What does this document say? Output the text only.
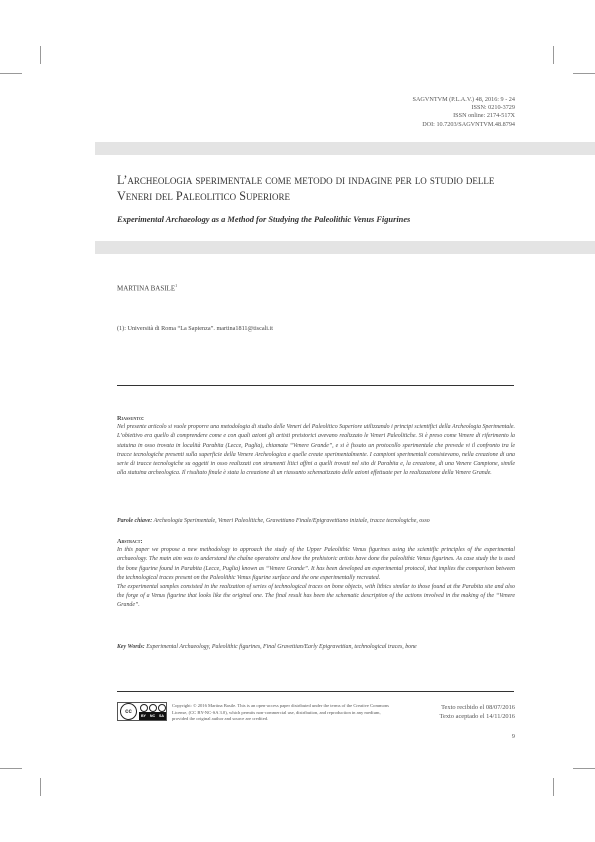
SAGVNTVM (P.L.A.V.) 48, 2016: 9 - 24
ISSN: 0210-3729
ISSN online: 2174-517X
DOI: 10.7203/SAGVNTVM.48.8794
L’archeologia sperimentale come metodo di indagine per lo studio delle Veneri del Paleolitico Superiore
Experimental Archaeology as a Method for Studying the Paleolithic Venus Figurines
MARTINA BASILE$^1$
(1): Università di Roma “La Sapienza”. martina1811@tiscali.it
Riassunto:
Nel presente articolo si vuole proporre una metodologia di studio delle Veneri del Paleolitico Superiore utilizzando i principi scientifici della Archeologia Sperimentale. L’obiettivo era quello di comprendere come e con quali azioni gli artisti preistorici avevano realizzato le Veneri Paleolitiche. Si è preso come Venere di riferimento la statuina in osso trovata in località Parabita (Lecce, Puglia), chiamata “Venere Grande”, e si è fissato un protocollo sperimentale che prevede vi il confronto tra le tracce tecnologiche presenti sulla superficie della Venere Archeologica e quelle create sperimentalmente. I campioni sperimentali consistevano, nella creazione di una serie di tracce tecnologiche su oggetti in osso realizzati con strumenti litici affini a quelli trovati nel sito di Parabita e, la creazione, di una Venere Campione, simile alla statuina archeologica. Il risultato finale è stata la creazione di un riassunto schematizzato delle azioni effettuate per la realizzazione della Venere Grande.
Parole chiave: Archeologia Sperimentale, Veneri Paleolitiche, Gravettiano Finale/Epigravettiano iniziale, tracce tecnologiche, osso
Abstract:
In this paper we propose a new methodology to approach the study of the Upper Paleolithic Venus figurines using the scientific principles of the experimental archaeology. The main aim was to understand the chaîne operatoire and how the prehistoric artists have done the paleolithic Venus figurines. As case study the is used the bone figurine found in Parabita (Lecce, Puglia) known as “Venere Grande”. It has been developed an experimental protocol, that implies the comparison between the technological traces present on the Paleolithic Venus figurine surface and the one experimentally recreated.
The experimental samples consisted in the realization of series of technological traces on bone objects, with lithics similar to those found at the Parabita site and also the forge of a Venus figurine that looks like the original one. The final result has been the schematic description of the actions involved in the making of the “Venere Grande”.
Key Words: Experimental Archaeology, Paleolithic figurines, Final Gravettian/Early Epigravettian, technological traces, bone
cc
BY NC SA
Copyright: © 2016 Martina Basile. This is an open-access paper distributed under the terms of the Creative Commons License, (CC BY-NC-SA 3.0), which permits non-commercial use, distribution, and reproduction in any medium, provided the original author and source are credited.
Texto recibido el 08/07/2016
Texto aceptado el 14/11/2016
9
